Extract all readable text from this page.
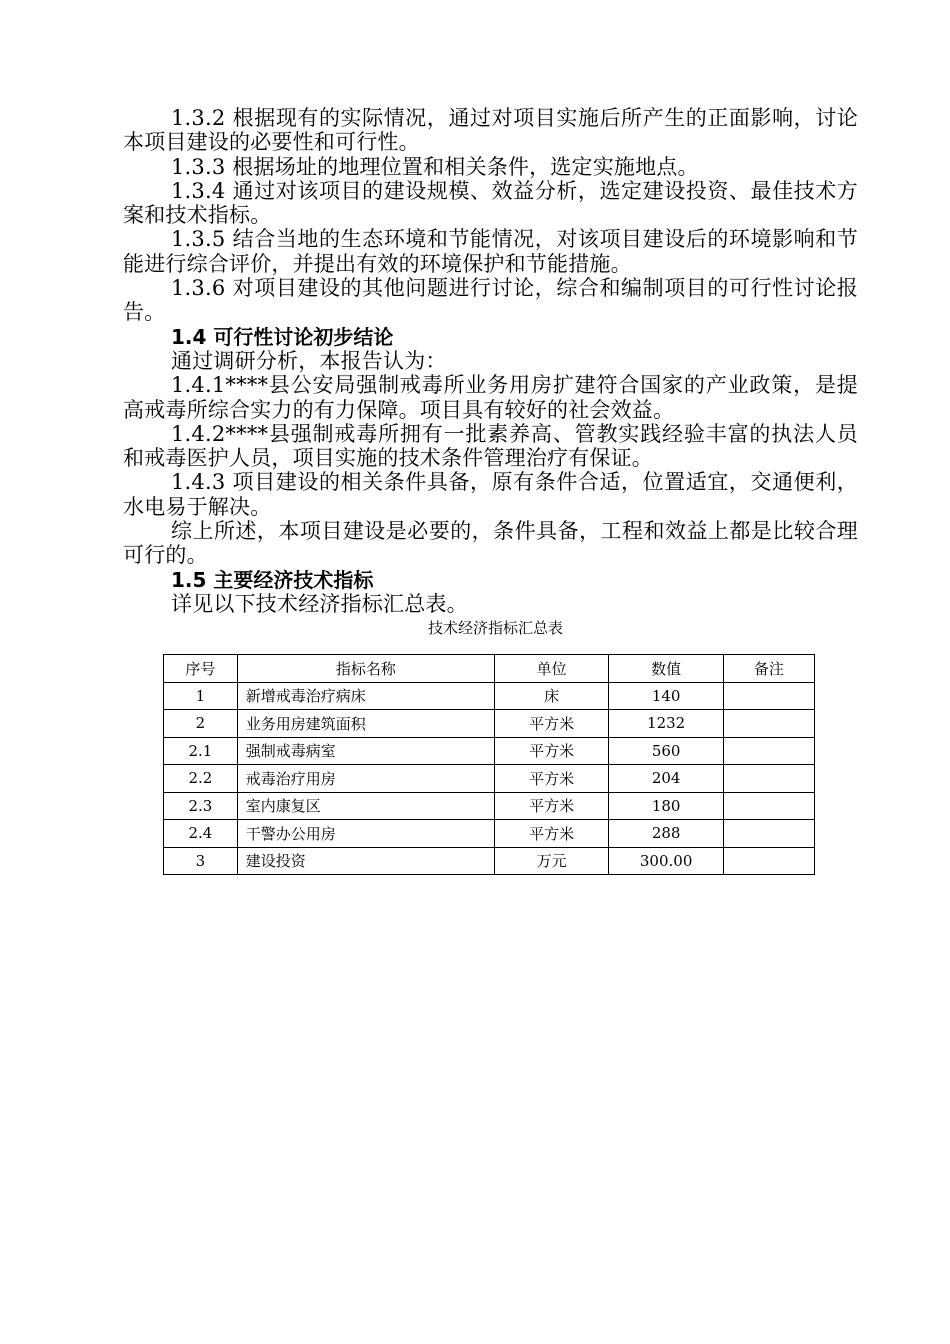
1.3.2 根据现有的实际情况，通过对项目实施后所产生的正面影响，讨论本项目建设的必要性和可行性。

1.3.3 根据场址的地理位置和相关条件，选定实施地点。

1.3.4 通过对该项目的建设规模、效益分析，选定建设投资、最佳技术方案和技术指标。

1.3.5 结合当地的生态环境和节能情况，对该项目建设后的环境影响和节能进行综合评价，并提出有效的环境保护和节能措施。

1.3.6 对项目建设的其他问题进行讨论，综合和编制项目的可行性讨论报告。

1.4 可行性讨论初步结论

通过调研分析，本报告认为：

1.4.1****县公安局强制戒毒所业务用房扩建符合国家的产业政策，是提高戒毒所综合实力的有力保障。项目具有较好的社会效益。

1.4.2****县强制戒毒所拥有一批素养高、管教实践经验丰富的执法人员和戒毒医护人员，项目实施的技术条件管理治疗有保证。

1.4.3 项目建设的相关条件具备，原有条件合适，位置适宜，交通便利，水电易于解决。

综上所述，本项目建设是必要的，条件具备，工程和效益上都是比较合理可行的。

1.5 主要经济技术指标

详见以下技术经济指标汇总表。

技术经济指标汇总表
序号	指标名称	单位	数值	备注
1	新增戒毒治疗病床	床	140	
2	业务用房建筑面积	平方米	1232	
2.1	强制戒毒病室	平方米	560	
2.2	戒毒治疗用房	平方米	204	
2.3	室内康复区	平方米	180	
2.4	干警办公用房	平方米	288	
3	建设投资	万元	300.00	
